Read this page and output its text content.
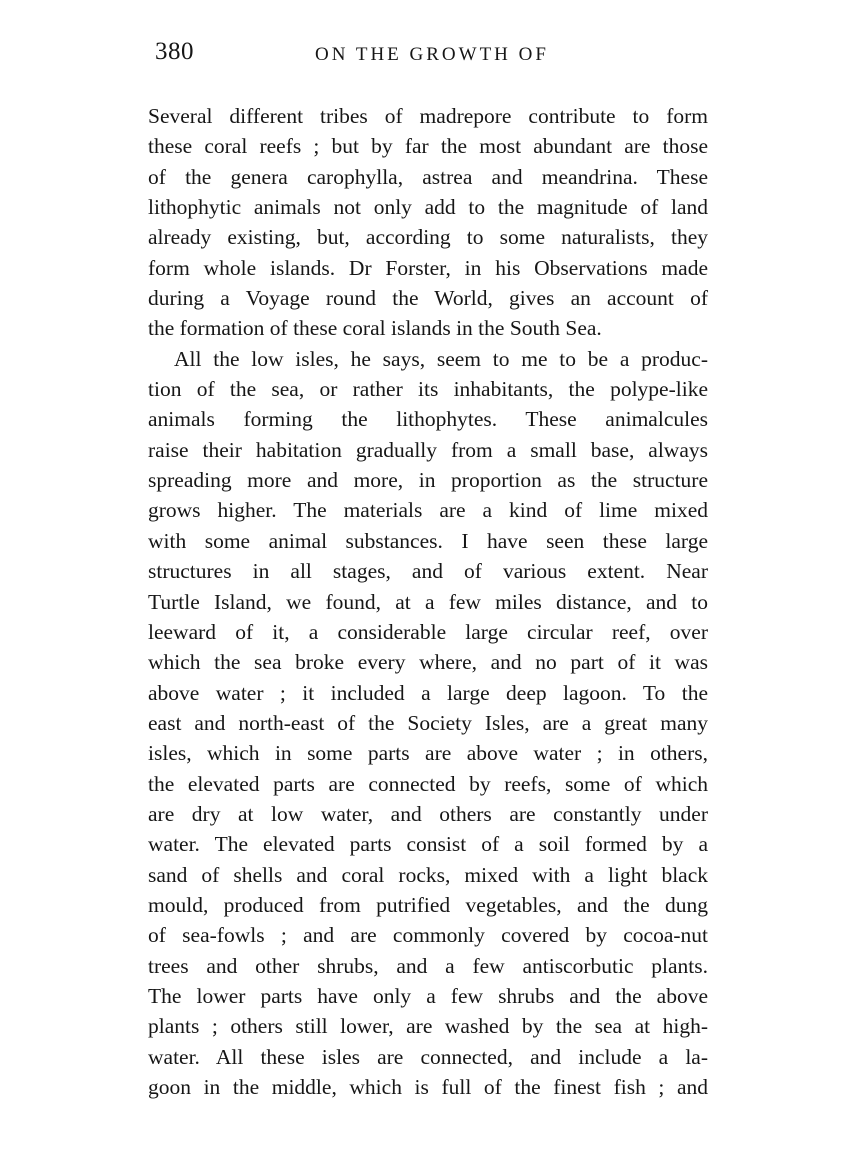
380	ON THE GROWTH OF
Several different tribes of madrepore contribute to form
these coral reefs ; but by far the most abundant are those
of the genera carophylla, astrea and meandrina. These
lithophytic animals not only add to the magnitude of land
already existing, but, according to some naturalists, they
form whole islands. Dr Forster, in his Observations made
during a Voyage round the World, gives an account of
the formation of these coral islands in the South Sea.
All the low isles, he says, seem to me to be a produc-
tion of the sea, or rather its inhabitants, the polype-like
animals forming the lithophytes. These animalcules
raise their habitation gradually from a small base, always
spreading more and more, in proportion as the structure
grows higher. The materials are a kind of lime mixed
with some animal substances. I have seen these large
structures in all stages, and of various extent. Near
Turtle Island, we found, at a few miles distance, and to
leeward of it, a considerable large circular reef, over
which the sea broke every where, and no part of it was
above water ; it included a large deep lagoon. To the
east and north-east of the Society Isles, are a great many
isles, which in some parts are above water ; in others,
the elevated parts are connected by reefs, some of which
are dry at low water, and others are constantly under
water. The elevated parts consist of a soil formed by a
sand of shells and coral rocks, mixed with a light black
mould, produced from putrified vegetables, and the dung
of sea-fowls ; and are commonly covered by cocoa-nut
trees and other shrubs, and a few antiscorbutic plants.
The lower parts have only a few shrubs and the above
plants ; others still lower, are washed by the sea at high-
water. All these isles are connected, and include a la-
goon in the middle, which is full of the finest fish ; and
